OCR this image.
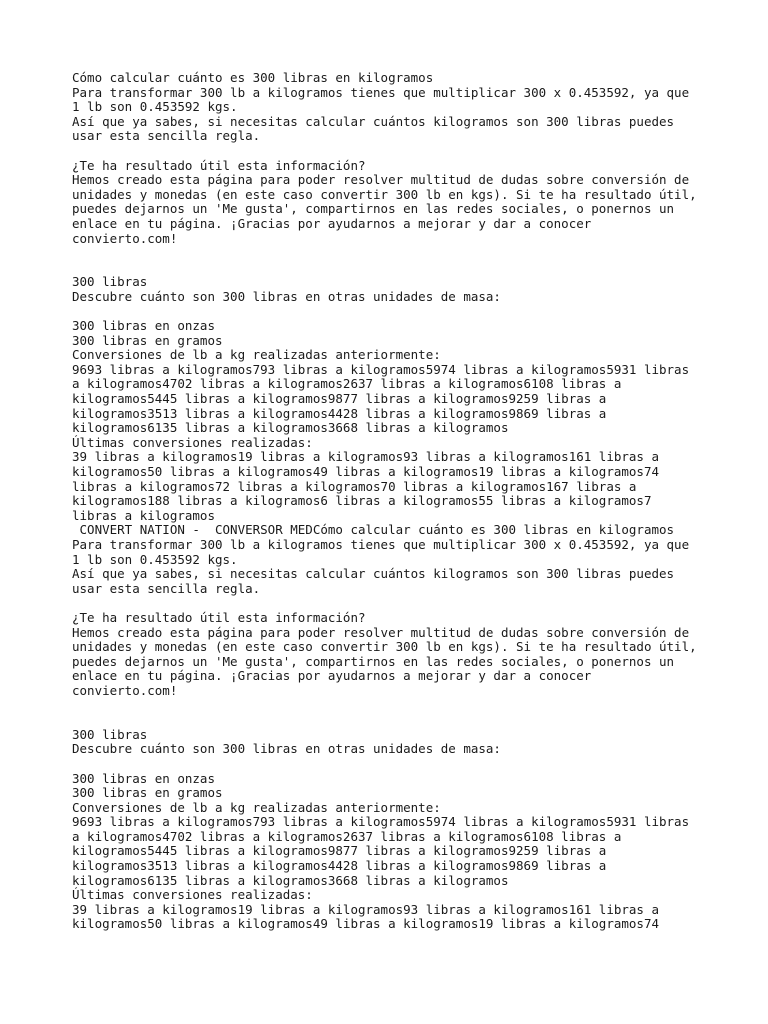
Cómo calcular cuánto es 300 libras en kilogramos
Para transformar 300 lb a kilogramos tienes que multiplicar 300 x 0.453592, ya que
1 lb son 0.453592 kgs.
Así que ya sabes, si necesitas calcular cuántos kilogramos son 300 libras puedes
usar esta sencilla regla.
¿Te ha resultado útil esta información?
Hemos creado esta página para poder resolver multitud de dudas sobre conversión de
unidades y monedas (en este caso convertir 300 lb en kgs). Si te ha resultado útil,
puedes dejarnos un 'Me gusta', compartirnos en las redes sociales, o ponernos un
enlace en tu página. ¡Gracias por ayudarnos a mejorar y dar a conocer
convierto.com!
300 libras
Descubre cuánto son 300 libras en otras unidades de masa:
300 libras en onzas
300 libras en gramos
Conversiones de lb a kg realizadas anteriormente:
9693 libras a kilogramos793 libras a kilogramos5974 libras a kilogramos5931 libras
a kilogramos4702 libras a kilogramos2637 libras a kilogramos6108 libras a
kilogramos5445 libras a kilogramos9877 libras a kilogramos9259 libras a
kilogramos3513 libras a kilogramos4428 libras a kilogramos9869 libras a
kilogramos6135 libras a kilogramos3668 libras a kilogramos
Últimas conversiones realizadas:
39 libras a kilogramos19 libras a kilogramos93 libras a kilogramos161 libras a
kilogramos50 libras a kilogramos49 libras a kilogramos19 libras a kilogramos74
libras a kilogramos72 libras a kilogramos70 libras a kilogramos167 libras a
kilogramos188 libras a kilogramos6 libras a kilogramos55 libras a kilogramos7
libras a kilogramos
CONVERT NATION -  CONVERSOR MEDCómo calcular cuánto es 300 libras en kilogramos
Para transformar 300 lb a kilogramos tienes que multiplicar 300 x 0.453592, ya que
1 lb son 0.453592 kgs.
Así que ya sabes, si necesitas calcular cuántos kilogramos son 300 libras puedes
usar esta sencilla regla.
¿Te ha resultado útil esta información?
Hemos creado esta página para poder resolver multitud de dudas sobre conversión de
unidades y monedas (en este caso convertir 300 lb en kgs). Si te ha resultado útil,
puedes dejarnos un 'Me gusta', compartirnos en las redes sociales, o ponernos un
enlace en tu página. ¡Gracias por ayudarnos a mejorar y dar a conocer
convierto.com!
300 libras
Descubre cuánto son 300 libras en otras unidades de masa:
300 libras en onzas
300 libras en gramos
Conversiones de lb a kg realizadas anteriormente:
9693 libras a kilogramos793 libras a kilogramos5974 libras a kilogramos5931 libras
a kilogramos4702 libras a kilogramos2637 libras a kilogramos6108 libras a
kilogramos5445 libras a kilogramos9877 libras a kilogramos9259 libras a
kilogramos3513 libras a kilogramos4428 libras a kilogramos9869 libras a
kilogramos6135 libras a kilogramos3668 libras a kilogramos
Últimas conversiones realizadas:
39 libras a kilogramos19 libras a kilogramos93 libras a kilogramos161 libras a
kilogramos50 libras a kilogramos49 libras a kilogramos19 libras a kilogramos74
